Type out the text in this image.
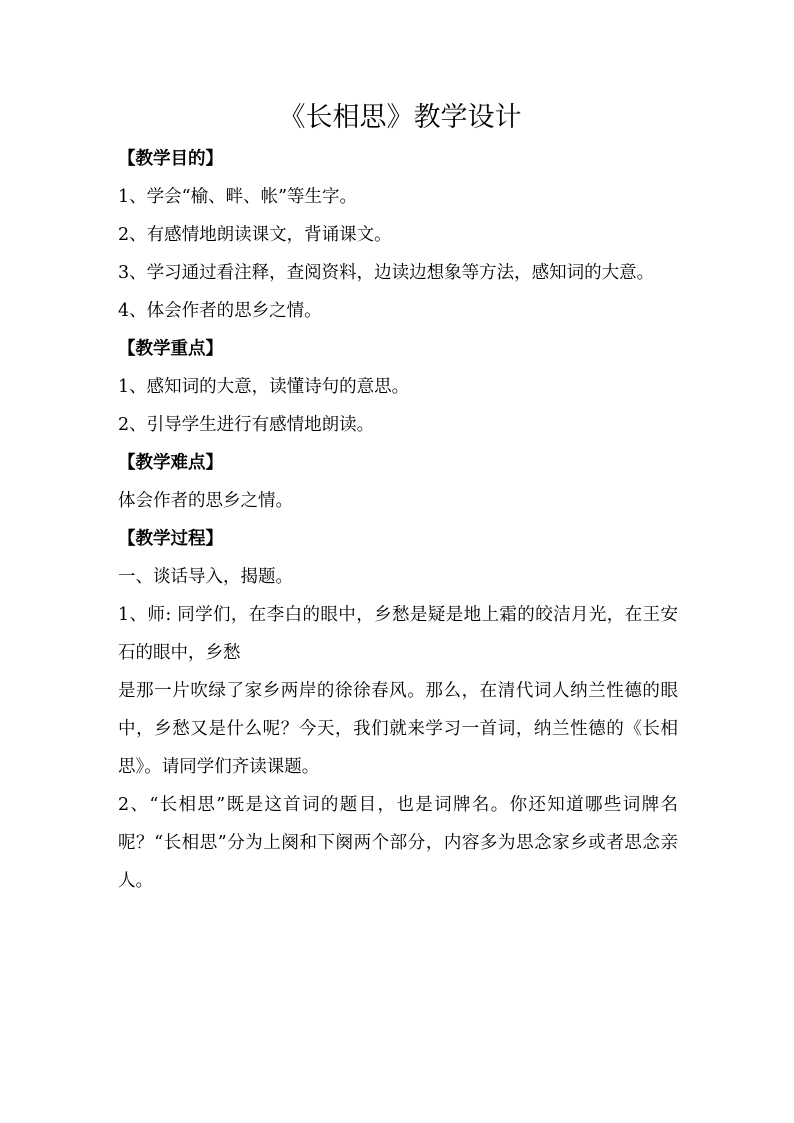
《长相思》教学设计

【教学目的】

1、学会“榆、畔、帐”等生字。

2、有感情地朗读课文，背诵课文。

3、学习通过看注释，查阅资料，边读边想象等方法，感知词的大意。

4、体会作者的思乡之情。

【教学重点】

1、感知词的大意，读懂诗句的意思。

2、引导学生进行有感情地朗读。

【教学难点】

体会作者的思乡之情。

【教学过程】

一、谈话导入，揭题。

1、师: 同学们，在李白的眼中，乡愁是疑是地上霜的皎洁月光，在王安石的眼中，乡愁

是那一片吹绿了家乡两岸的徐徐春风。那么，在清代词人纳兰性德的眼中，乡愁又是什么呢？今天，我们就来学习一首词，纳兰性德的《长相思》。请同学们齐读课题。

2、“长相思”既是这首词的题目，也是词牌名。你还知道哪些词牌名呢？“长相思”分为上阕和下阕两个部分，内容多为思念家乡或者思念亲人。
